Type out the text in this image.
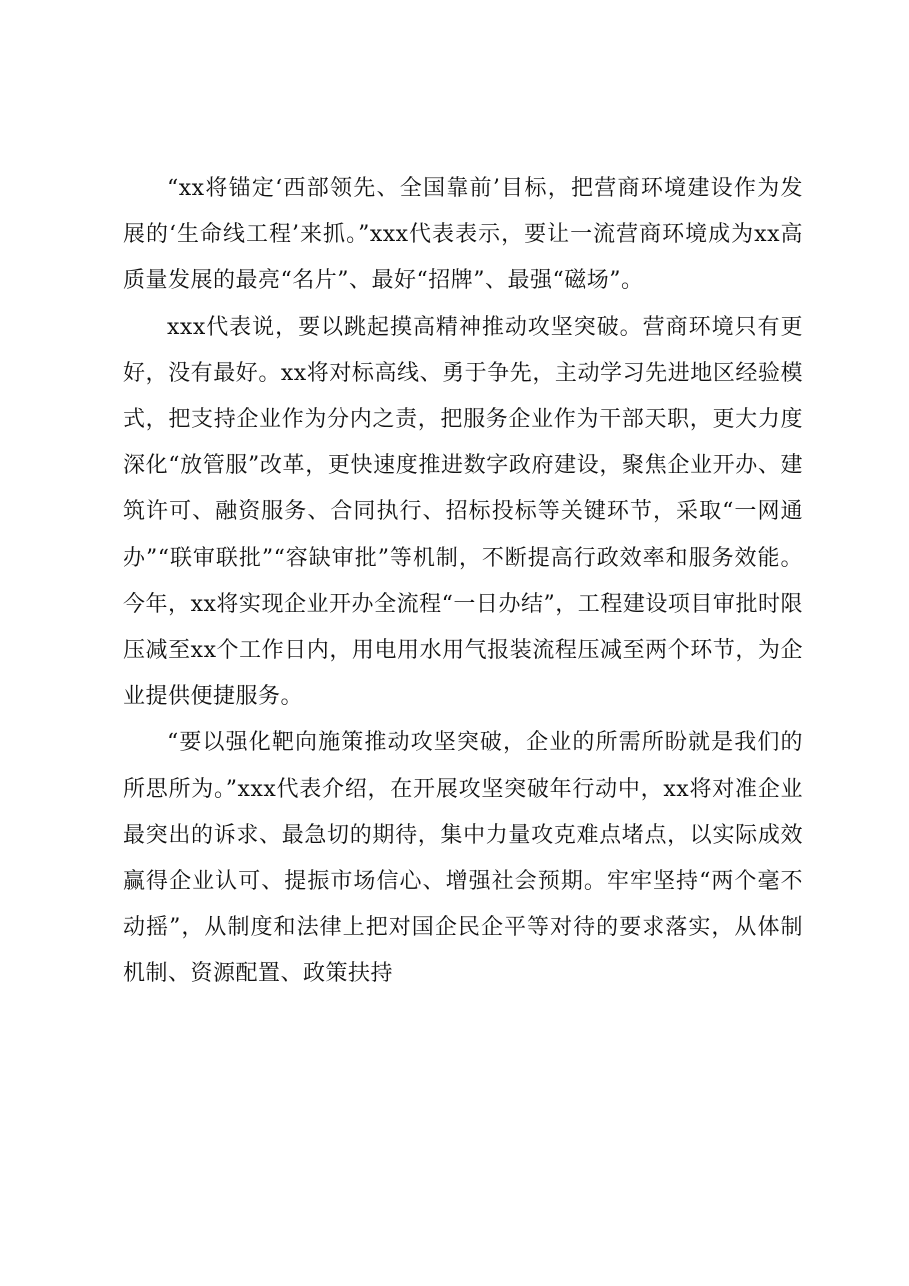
“xx将锚定‘西部领先、全国靠前’目标，把营商环境建设作为发展的‘生命线工程’来抓。”xxx代表表示，要让一流营商环境成为xx高质量发展的最亮“名片”、最好“招牌”、最强“磁场”。

xxx代表说，要以跳起摸高精神推动攻坚突破。营商环境只有更好，没有最好。xx将对标高线、勇于争先，主动学习先进地区经验模式，把支持企业作为分内之责，把服务企业作为干部天职，更大力度深化“放管服”改革，更快速度推进数字政府建设，聚焦企业开办、建筑许可、融资服务、合同执行、招标投标等关键环节，采取“一网通办”“联审联批”“容缺审批”等机制，不断提高行政效率和服务效能。今年，xx将实现企业开办全流程“一日办结”，工程建设项目审批时限压减至xx个工作日内，用电用水用气报装流程压减至两个环节，为企业提供便捷服务。

“要以强化靶向施策推动攻坚突破，企业的所需所盼就是我们的所思所为。”xxx代表介绍，在开展攻坚突破年行动中，xx将对准企业最突出的诉求、最急切的期待，集中力量攻克难点堵点，以实际成效赢得企业认可、提振市场信心、增强社会预期。牢牢坚持“两个毫不动摇”，从制度和法律上把对国企民企平等对待的要求落实，从体制机制、资源配置、政策扶持
